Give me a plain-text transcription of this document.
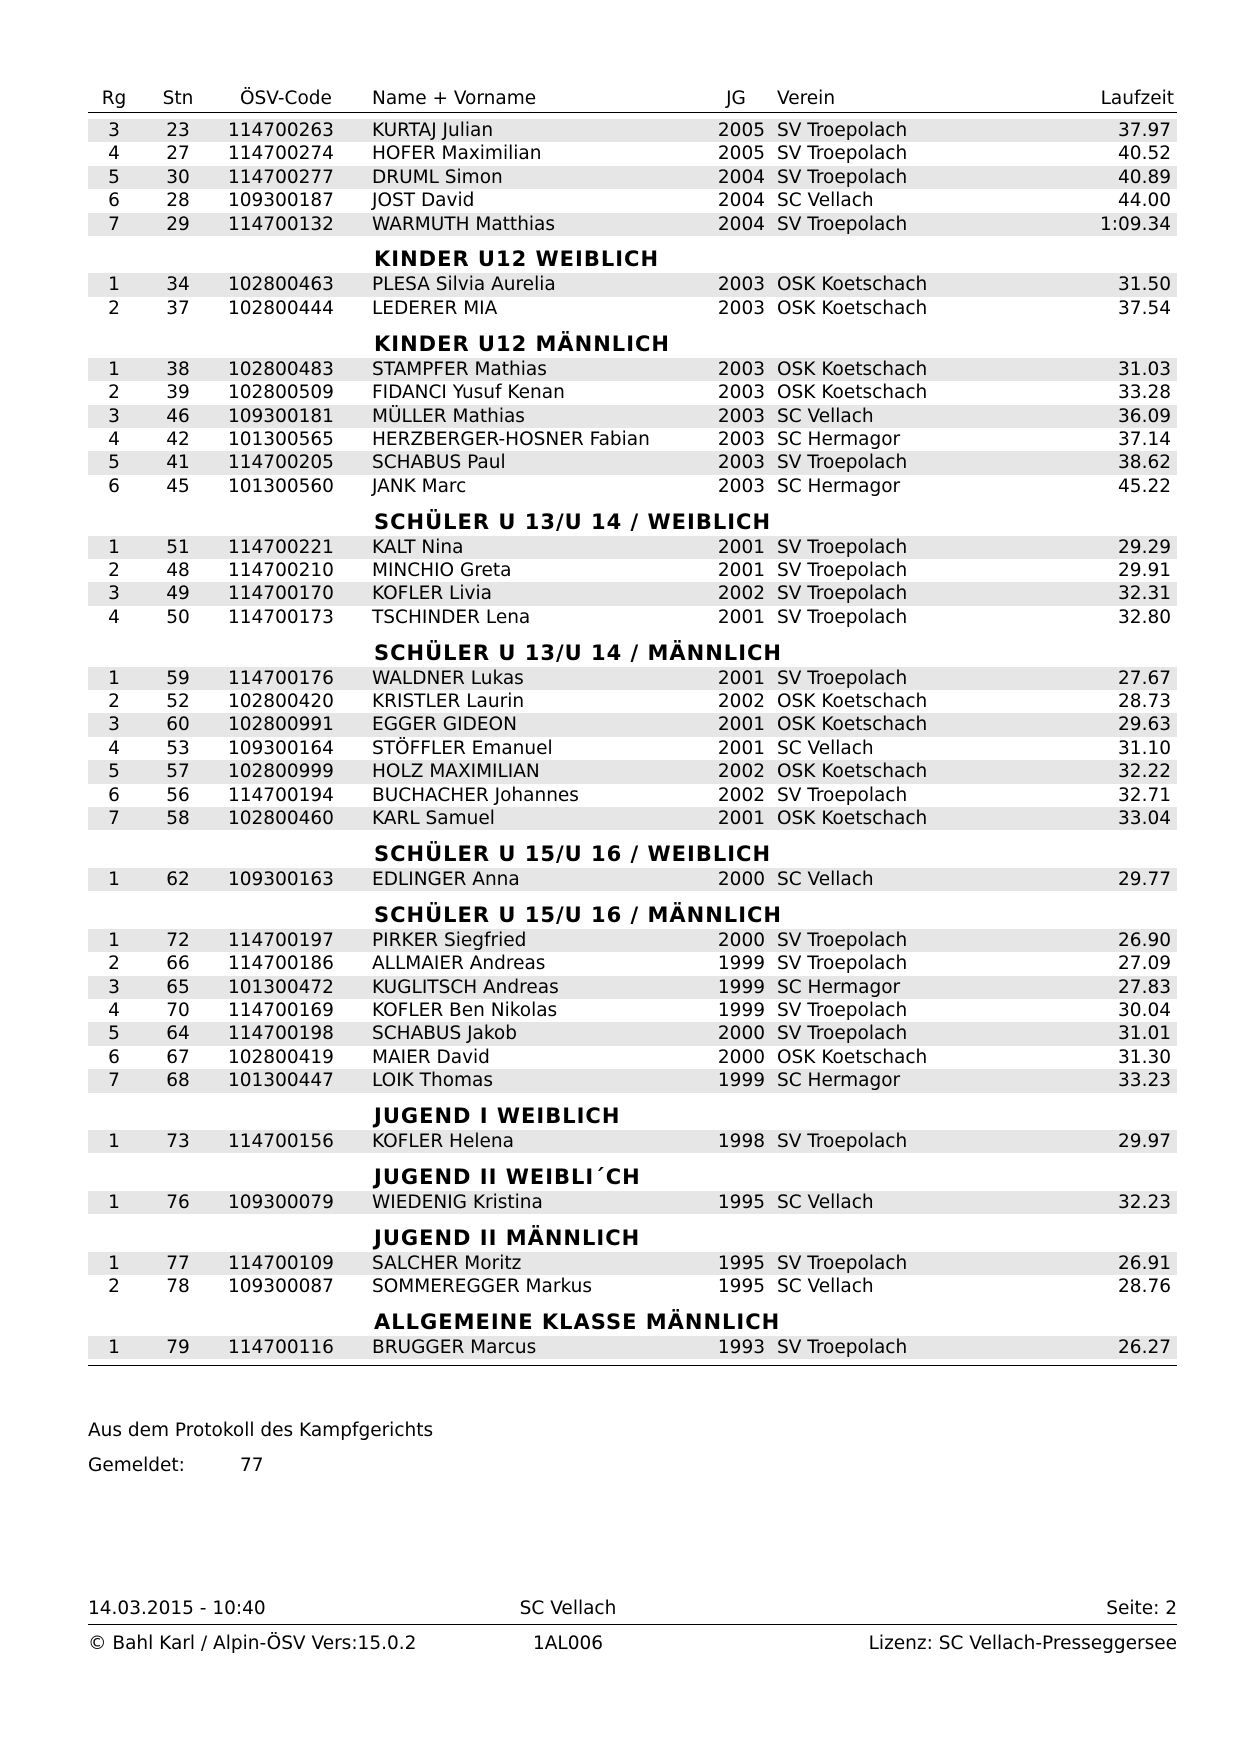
Rg	Stn	ÖSV-Code	Name + Vorname	JG	Verein	Laufzeit
3	23	114700263 KURTAJ Julian	2005 SV Troepolach	37.97
4	27	114700274 HOFER Maximilian	2005 SV Troepolach	40.52
5	30	114700277 DRUML Simon	2004 SV Troepolach	40.89
6	28	109300187 JOST David	2004 SC Vellach	44.00
7	29	114700132 WARMUTH Matthias	2004 SV Troepolach	1:09.34
KINDER U12 WEIBLICH
1	34	102800463 PLESA Silvia Aurelia	2003 OSK Koetschach	31.50
2	37	102800444 LEDERER MIA	2003 OSK Koetschach	37.54
KINDER U12 MÄNNLICH
1	38	102800483 STAMPFER Mathias	2003 OSK Koetschach	31.03
2	39	102800509 FIDANCI Yusuf Kenan	2003 OSK Koetschach	33.28
3	46	109300181 MÜLLER Mathias	2003 SC Vellach	36.09
4	42	101300565 HERZBERGER-HOSNER Fabian	2003 SC Hermagor	37.14
5	41	114700205 SCHABUS Paul	2003 SV Troepolach	38.62
6	45	101300560 JANK Marc	2003 SC Hermagor	45.22
SCHÜLER U 13/U 14 / WEIBLICH
1	51	114700221 KALT Nina	2001 SV Troepolach	29.29
2	48	114700210 MINCHIO Greta	2001 SV Troepolach	29.91
3	49	114700170 KOFLER Livia	2002 SV Troepolach	32.31
4	50	114700173 TSCHINDER Lena	2001 SV Troepolach	32.80
SCHÜLER U 13/U 14 / MÄNNLICH
1	59	114700176 WALDNER Lukas	2001 SV Troepolach	27.67
2	52	102800420 KRISTLER Laurin	2002 OSK Koetschach	28.73
3	60	102800991 EGGER GIDEON	2001 OSK Koetschach	29.63
4	53	109300164 STÖFFLER Emanuel	2001 SC Vellach	31.10
5	57	102800999 HOLZ MAXIMILIAN	2002 OSK Koetschach	32.22
6	56	114700194 BUCHACHER Johannes	2002 SV Troepolach	32.71
7	58	102800460 KARL Samuel	2001 OSK Koetschach	33.04
SCHÜLER U 15/U 16 / WEIBLICH
1	62	109300163 EDLINGER Anna	2000 SC Vellach	29.77
SCHÜLER U 15/U 16 / MÄNNLICH
1	72	114700197 PIRKER Siegfried	2000 SV Troepolach	26.90
2	66	114700186 ALLMAIER Andreas	1999 SV Troepolach	27.09
3	65	101300472 KUGLITSCH Andreas	1999 SC Hermagor	27.83
4	70	114700169 KOFLER Ben Nikolas	1999 SV Troepolach	30.04
5	64	114700198 SCHABUS Jakob	2000 SV Troepolach	31.01
6	67	102800419 MAIER David	2000 OSK Koetschach	31.30
7	68	101300447 LOIK Thomas	1999 SC Hermagor	33.23
JUGEND I WEIBLICH
1	73	114700156 KOFLER Helena	1998 SV Troepolach	29.97
JUGEND II WEIBLI´CH
1	76	109300079 WIEDENIG Kristina	1995 SC Vellach	32.23
JUGEND II MÄNNLICH
1	77	114700109 SALCHER Moritz	1995 SV Troepolach	26.91
2	78	109300087 SOMMEREGGER Markus	1995 SC Vellach	28.76
ALLGEMEINE KLASSE MÄNNLICH
1	79	114700116 BRUGGER Marcus	1993 SV Troepolach	26.27
Aus dem Protokoll des Kampfgerichts
Gemeldet:	77
14.03.2015 - 10:40	SC Vellach	Seite: 2
© Bahl Karl / Alpin-ÖSV Vers:15.0.2	1AL006	Lizenz: SC Vellach-Presseggersee
